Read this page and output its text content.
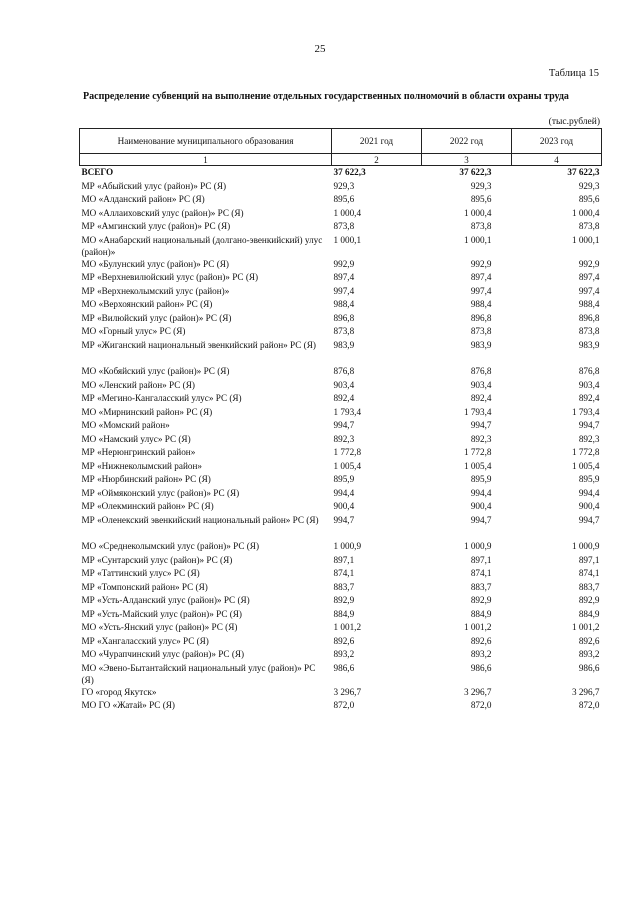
25
Таблица 15
Распределение субвенций на выполнение отдельных государственных полномочий в области охраны труда
(тыс.рублей)
Наименование муниципального образования	2021 год	2022 год	2023 год
1	2	3	4
ВСЕГО	37 622,3	37 622,3	37 622,3
МР «Абыйский улус (район)» РС (Я)	929,3	929,3	929,3
МО «Алданский район» РС (Я)	895,6	895,6	895,6
МО «Аллаиховский улус (район)» РС (Я)	1 000,4	1 000,4	1 000,4
МР «Амгинский улус (район)» РС (Я)	873,8	873,8	873,8
МО «Анабарский национальный (долгано-эвенкийский) улус (район)»	1 000,1	1 000,1	1 000,1
МО «Булунский улус (район)» РС (Я)	992,9	992,9	992,9
МР «Верхневилюйский улус (район)» РС (Я)	897,4	897,4	897,4
МР «Верхнеколымский улус (район)»	997,4	997,4	997,4
МО «Верхоянский район» РС (Я)	988,4	988,4	988,4
МР «Вилюйский улус (район)» РС (Я)	896,8	896,8	896,8
МО «Горный улус» РС (Я)	873,8	873,8	873,8
МР «Жиганский национальный эвенкийский район» РС (Я)	983,9	983,9	983,9

МО «Кобяйский улус (район)» РС (Я)	876,8	876,8	876,8
МО «Ленский район» РС (Я)	903,4	903,4	903,4
МР «Мегино-Кангаласский улус» РС (Я)	892,4	892,4	892,4
МО «Мирнинский район» РС (Я)	1 793,4	1 793,4	1 793,4
МО «Момский район»	994,7	994,7	994,7
МО «Намский улус» РС (Я)	892,3	892,3	892,3
МР «Нерюнгринский район»	1 772,8	1 772,8	1 772,8
МР «Нижнеколымский район»	1 005,4	1 005,4	1 005,4
МР «Нюрбинский район» РС (Я)	895,9	895,9	895,9
МР «Оймяконский улус (район)» РС (Я)	994,4	994,4	994,4
МР «Олекминский район» РС (Я)	900,4	900,4	900,4
МР «Оленекский эвенкийский национальный район» РС (Я)	994,7	994,7	994,7

МО «Среднеколымский улус (район)» РС (Я)	1 000,9	1 000,9	1 000,9
МР «Сунтарский улус (район)» РС (Я)	897,1	897,1	897,1
МР «Таттинский улус» РС (Я)	874,1	874,1	874,1
МР «Томпонский район» РС (Я)	883,7	883,7	883,7
МР «Усть-Алданский улус (район)» РС (Я)	892,9	892,9	892,9
МР «Усть-Майский улус (район)» РС (Я)	884,9	884,9	884,9
МО «Усть-Янский улус (район)» РС (Я)	1 001,2	1 001,2	1 001,2
МР «Хангаласский улус» РС (Я)	892,6	892,6	892,6
МО «Чурапчинский улус (район)» РС (Я)	893,2	893,2	893,2
МО «Эвено-Бытантайский национальный улус (район)» РС (Я)	986,6	986,6	986,6
ГО «город Якутск»	3 296,7	3 296,7	3 296,7
МО ГО «Жатай» РС (Я)	872,0	872,0	872,0
